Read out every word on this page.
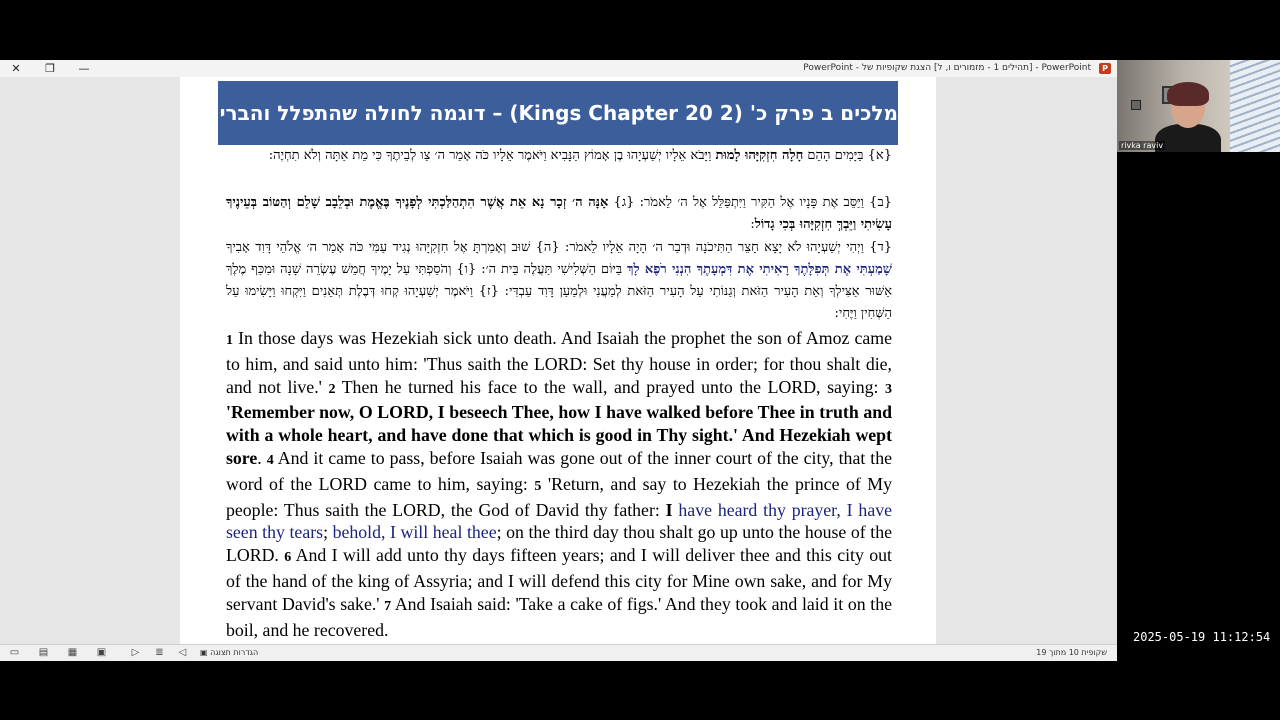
✕	❐	—	PowerPoint - [תהילים 1 - מזמורים ו, ל] הצגת שקופיות של - PowerPoint	P
מלכים ב פרק כ' (2 Kings Chapter 20) – דוגמה לחולה שהתפלל והבריא
{א} בַּיָּמִים הָהֵם חָלָה חִזְקִיָּהוּ לָמוּת וַיָּבֹא אֵלָיו יְשַׁעְיָהוּ בֶן אָמוֹץ הַנָּבִיא וַיֹּאמֶר אֵלָיו כֹּה אָמַר ה׳ צַו לְבֵיתֶךָ כִּי מֵת אַתָּה וְלֹא תִחְיֶה:
{ב} וַיַּסֵּב אֶת פָּנָיו אֶל הַקִּיר וַיִּתְפַּלֵּל אֶל ה׳ לֵאמֹר: {ג} אָנָּה ה׳ זְכָר נָא אֵת אֲשֶׁר הִתְהַלַּכְתִּי לְפָנֶיךָ בֶּאֱמֶת וּבְלֵבָב שָׁלֵם וְהַטּוֹב בְּעֵינֶיךָ עָשִׂיתִי וַיֵּבְךְּ חִזְקִיָּהוּ בְּכִי גָדוֹל:
{ד} וַיְהִי יְשַׁעְיָהוּ לֹא יָצָא חָצֵר הַתִּיכֹנָה וּדְבַר ה׳ הָיָה אֵלָיו לֵאמֹר: {ה} שׁוּב וְאָמַרְתָּ אֶל חִזְקִיָּהוּ נְגִיד עַמִּי כֹּה אָמַר ה׳ אֱלֹהֵי דָּוִד אָבִיךָ שָׁמַעְתִּי אֶת תְּפִלָּתֶךָ רָאִיתִי אֶת דִּמְעָתֶךָ הִנְנִי רֹפֶא לָךְ בַּיּוֹם הַשְּׁלִישִׁי תַּעֲלֶה בֵּית ה׳: {ו} וְהֹסַפְתִּי עַל יָמֶיךָ חֲמֵשׁ עֶשְׂרֵה שָׁנָה וּמִכַּף מֶלֶךְ אַשּׁוּר אַצִּילְךָ וְאֵת הָעִיר הַזֹּאת וְגַנּוֹתִי עַל הָעִיר הַזֹּאת לְמַעֲנִי וּלְמַעַן דָּוִד עַבְדִּי: {ז} וַיֹּאמֶר יְשַׁעְיָהוּ קְחוּ דְּבֶלֶת תְּאֵנִים וַיִּקְחוּ וַיָּשִׂימוּ עַל הַשְּׁחִין וַיֶּחִי:
1 In those days was Hezekiah sick unto death. And Isaiah the prophet the son of Amoz came to him, and said unto him: 'Thus saith the LORD: Set thy house in order; for thou shalt die, and not live.' 2 Then he turned his face to the wall, and prayed unto the LORD, saying: 3 'Remember now, O LORD, I beseech Thee, how I have walked before Thee in truth and with a whole heart, and have done that which is good in Thy sight.' And Hezekiah wept sore. 4 And it came to pass, before Isaiah was gone out of the inner court of the city, that the word of the LORD came to him, saying: 5 'Return, and say to Hezekiah the prince of My people: Thus saith the LORD, the God of David thy father: I have heard thy prayer, I have seen thy tears; behold, I will heal thee; on the third day thou shalt go up unto the house of the LORD. 6 And I will add unto thy days fifteen years; and I will deliver thee and this city out of the hand of the king of Assyria; and I will defend this city for Mine own sake, and for My servant David's sake.' 7 And Isaiah said: 'Take a cake of figs.' And they took and laid it on the boil, and he recovered.
▭ ▤ ▦ ▣	▷ ≣ ◁	הגדרות תצוגה ▣	שקופית 10 מתוך 19
rivka raviv
2025-05-19 11:12:54
